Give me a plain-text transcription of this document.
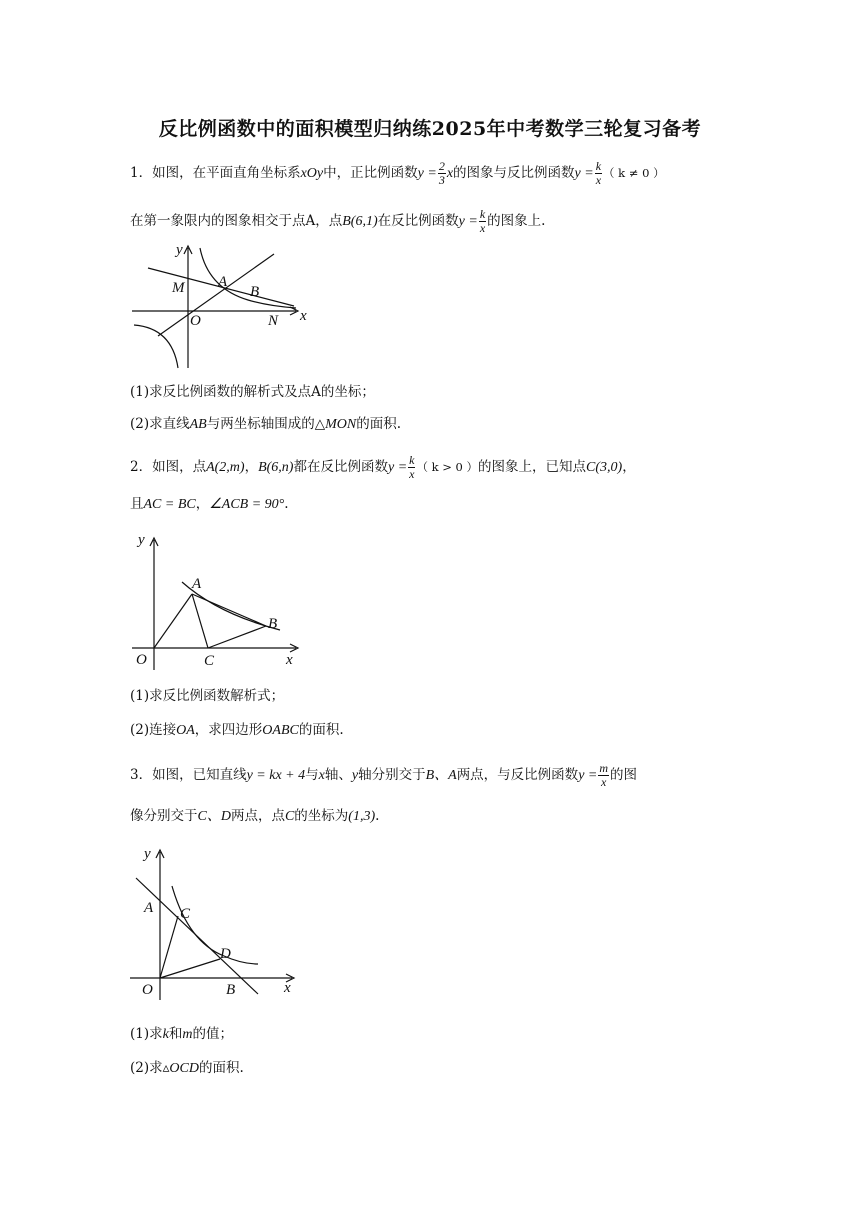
反比例函数中的面积模型归纳练2025年中考数学三轮复习备考
1．如图，在平面直角坐标系xOy中，正比例函数$y = \frac{2}{3}$ x的图象与反比例函数$y = \frac{k}{x}$ （ k ≠ 0 ）
在第一象限内的图象相交于点A，点B(6,1)在反比例函数$y = \frac{k}{x}$ 的图象上.
y
x
O
M A
B
N
(1)求反比例函数的解析式及点A的坐标；
(2)求直线AB与两坐标轴围成的△MON的面积.
2．如图，点A(2,m)，B(6,n)都在反比例函数$y = \frac{k}{x}$ （ k > 0 ）的图象上，已知点C(3,0)，
且AC = BC，∠ACB = 90°.
y
x
O
A
B
C
(1)求反比例函数解析式；
(2)连接OA，求四边形OABC的面积.
3．如图，已知直线y = kx + 4与x轴、y轴分别交于B、A两点，与反比例函数$y = \frac{m}{x}$ 的图
像分别交于C、D两点，点C的坐标为(1,3).
y
x
O
A C
D
B
(1)求k和m的值；
(2)求▵OCD的面积.
